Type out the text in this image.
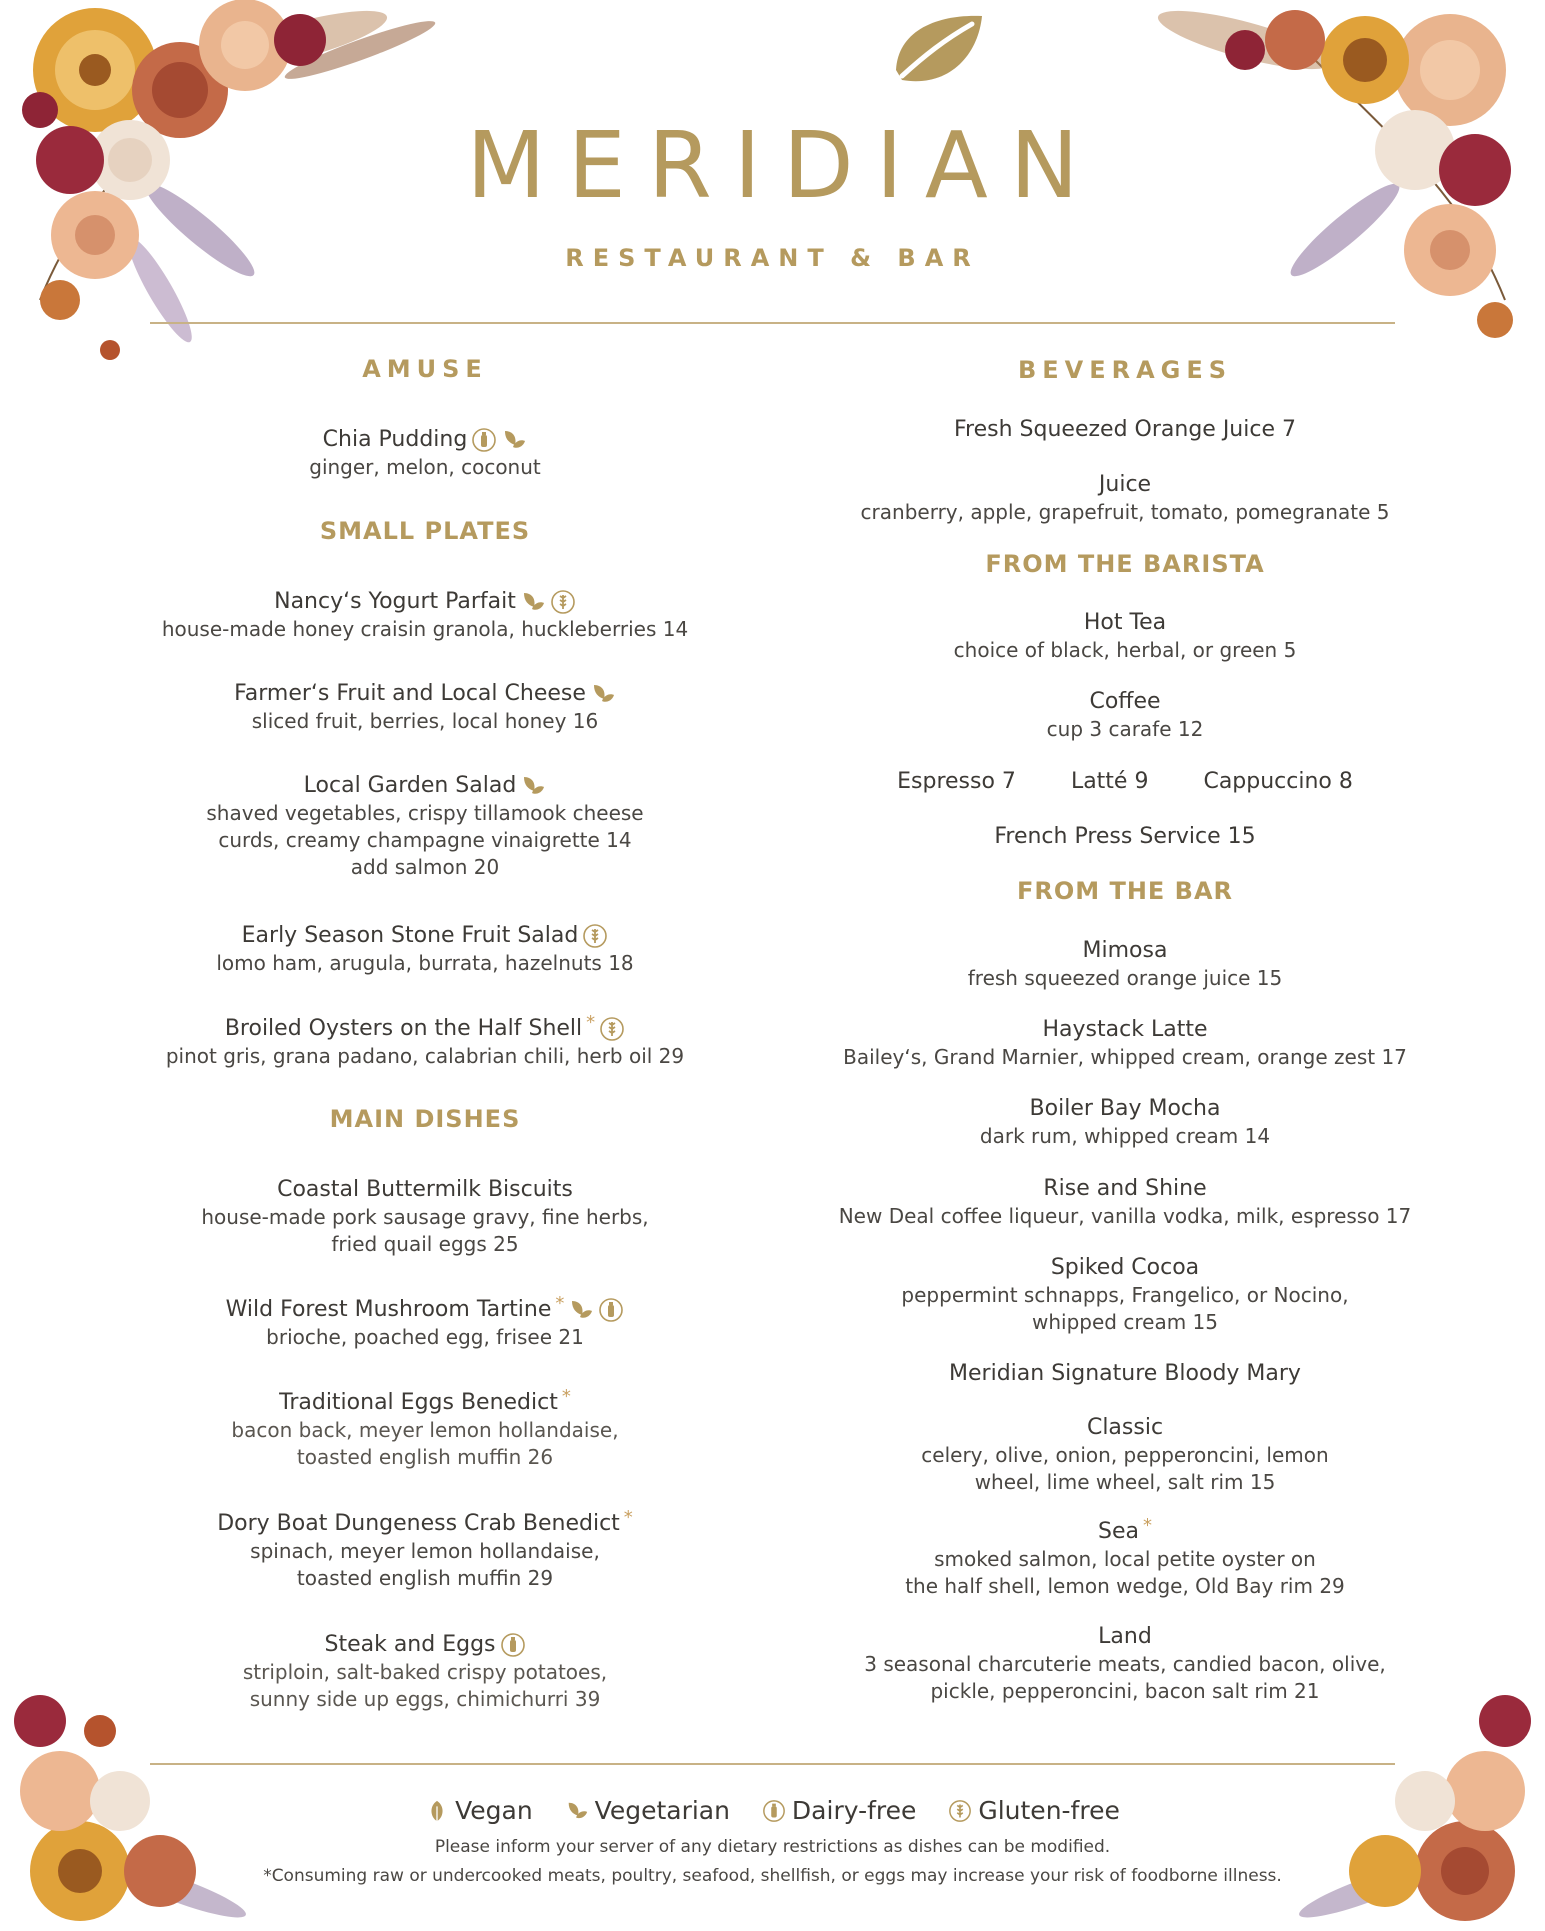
MERIDIAN
RESTAURANT & BAR
AMUSE
Chia Pudding
ginger, melon, coconut
SMALL PLATES
Nancy‘s Yogurt Parfait
house-made honey craisin granola, huckleberries 14
Farmer‘s Fruit and Local Cheese
sliced fruit, berries, local honey 16
Local Garden Salad
shaved vegetables, crispy tillamook cheese
curds, creamy champagne vinaigrette 14
add salmon 20
Early Season Stone Fruit Salad
lomo ham, arugula, burrata, hazelnuts 18
Broiled Oysters on the Half Shell *
pinot gris, grana padano, calabrian chili, herb oil 29
MAIN DISHES
Coastal Buttermilk Biscuits
house-made pork sausage gravy, fine herbs,
fried quail eggs 25
Wild Forest Mushroom Tartine *
brioche, poached egg, frisee 21
Traditional Eggs Benedict *
bacon back, meyer lemon hollandaise,
toasted english muffin 26
Dory Boat Dungeness Crab Benedict *
spinach, meyer lemon hollandaise,
toasted english muffin 29
Steak and Eggs
striploin, salt-baked crispy potatoes,
sunny side up eggs, chimichurri 39
BEVERAGES
Fresh Squeezed Orange Juice 7
Juice
cranberry, apple, grapefruit, tomato, pomegranate 5
FROM THE BARISTA
Hot Tea
choice of black, herbal, or green 5
Coffee
cup 3 carafe 12
Espresso 7	Latté 9	Cappuccino 8
French Press Service 15
FROM THE BAR
Mimosa
fresh squeezed orange juice 15
Haystack Latte
Bailey‘s, Grand Marnier, whipped cream, orange zest 17
Boiler Bay Mocha
dark rum, whipped cream 14
Rise and Shine
New Deal coffee liqueur, vanilla vodka, milk, espresso 17
Spiked Cocoa
peppermint schnapps, Frangelico, or Nocino,
whipped cream 15
Meridian Signature Bloody Mary
Classic
celery, olive, onion, pepperoncini, lemon
wheel, lime wheel, salt rim 15
Sea *
smoked salmon, local petite oyster on
the half shell, lemon wedge, Old Bay rim 29
Land
3 seasonal charcuterie meats, candied bacon, olive,
pickle, pepperoncini, bacon salt rim 21
Vegan
Vegetarian
Dairy-free
Gluten-free
Please inform your server of any dietary restrictions as dishes can be modified.
*Consuming raw or undercooked meats, poultry, seafood, shellfish, or eggs may increase your risk of foodborne illness.
